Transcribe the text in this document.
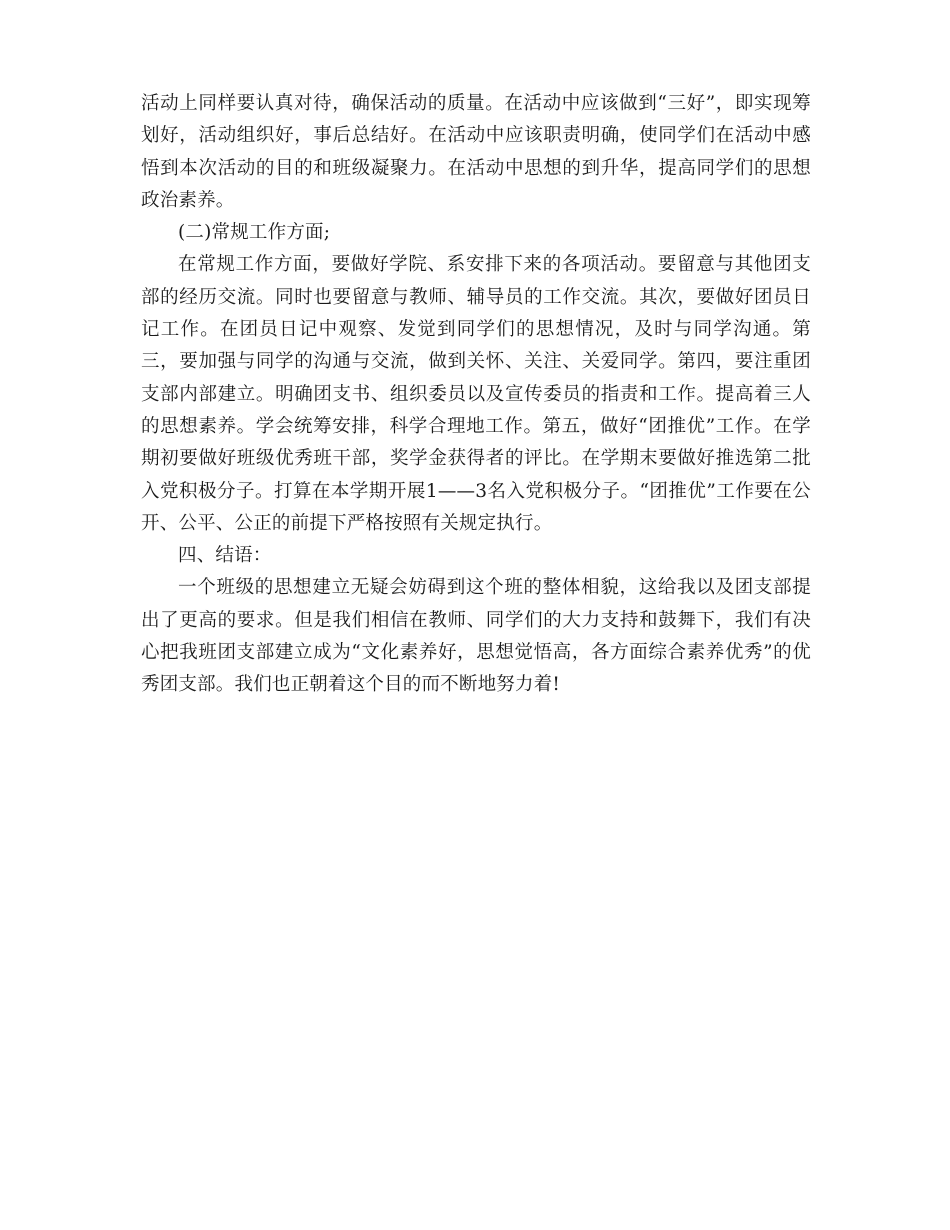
活动上同样要认真对待，确保活动的质量。在活动中应该做到“三好”，即实现筹划好，活动组织好，事后总结好。在活动中应该职责明确，使同学们在活动中感悟到本次活动的目的和班级凝聚力。在活动中思想的到升华，提高同学们的思想政治素养。

(二)常规工作方面;

在常规工作方面，要做好学院、系安排下来的各项活动。要留意与其他团支部的经历交流。同时也要留意与教师、辅导员的工作交流。其次，要做好团员日记工作。在团员日记中观察、发觉到同学们的思想情况，及时与同学沟通。第三，要加强与同学的沟通与交流，做到关怀、关注、关爱同学。第四，要注重团支部内部建立。明确团支书、组织委员以及宣传委员的指责和工作。提高着三人的思想素养。学会统筹安排，科学合理地工作。第五，做好“团推优”工作。在学期初要做好班级优秀班干部，奖学金获得者的评比。在学期末要做好推选第二批入党积极分子。打算在本学期开展1——3名入党积极分子。“团推优”工作要在公开、公平、公正的前提下严格按照有关规定执行。

四、结语：

一个班级的思想建立无疑会妨碍到这个班的整体相貌，这给我以及团支部提出了更高的要求。但是我们相信在教师、同学们的大力支持和鼓舞下，我们有决心把我班团支部建立成为“文化素养好，思想觉悟高，各方面综合素养优秀”的优秀团支部。我们也正朝着这个目的而不断地努力着!
